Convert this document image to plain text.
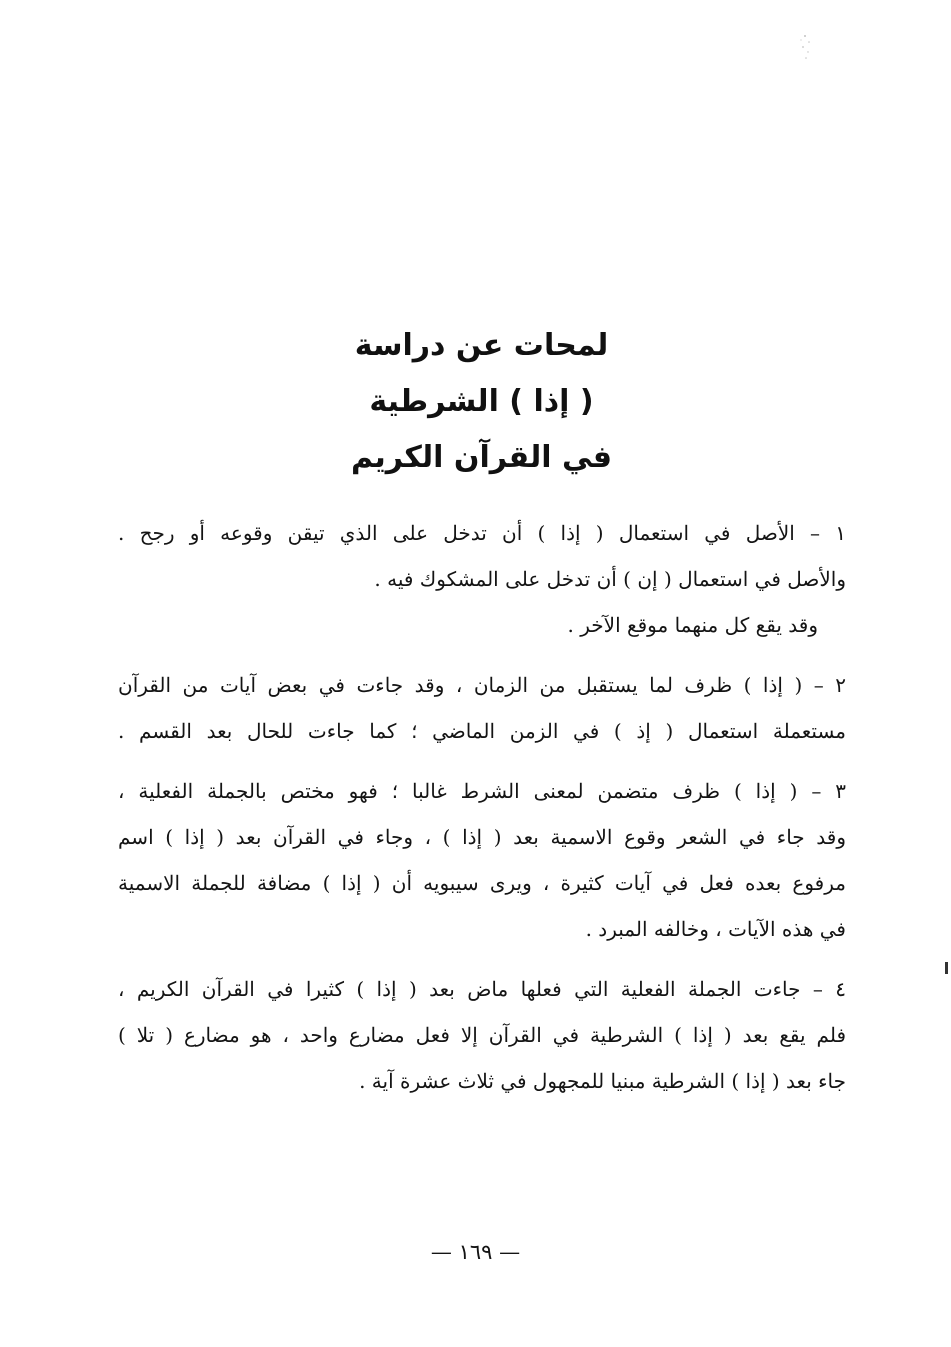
لمحات عن دراسة
( إذا ) الشرطية
في القرآن الكريم
١ – الأصل في استعمال ( إذا ) أن تدخل على الذي تيقن وقوعه أو رجح .
والأصل في استعمال ( إن ) أن تدخل على المشكوك فيه .
وقد يقع كل منهما موقع الآخر .
٢ – ( إذا ) ظرف لما يستقبل من الزمان ، وقد جاءت في بعض آيات من القرآن
مستعملة استعمال ( إذ ) في الزمن الماضي ؛ كما جاءت للحال بعد القسم .
٣ – ( إذا ) ظرف متضمن لمعنى الشرط غالبا ؛ فهو مختص بالجملة الفعلية ،
وقد جاء في الشعر وقوع الاسمية بعد ( إذا ) ، وجاء في القرآن بعد ( إذا ) اسم
مرفوع بعده فعل في آيات كثيرة ، ويرى سيبويه أن ( إذا ) مضافة للجملة الاسمية
في هذه الآيات ، وخالفه المبرد .
٤ – جاءت الجملة الفعلية التي فعلها ماض بعد ( إذا ) كثيرا في القرآن الكريم ،
فلم يقع بعد ( إذا ) الشرطية في القرآن إلا فعل مضارع واحد ، هو مضارع ( تلا )
جاء بعد ( إذا ) الشرطية مبنيا للمجهول في ثلاث عشرة آية .
— ١٦٩ —
